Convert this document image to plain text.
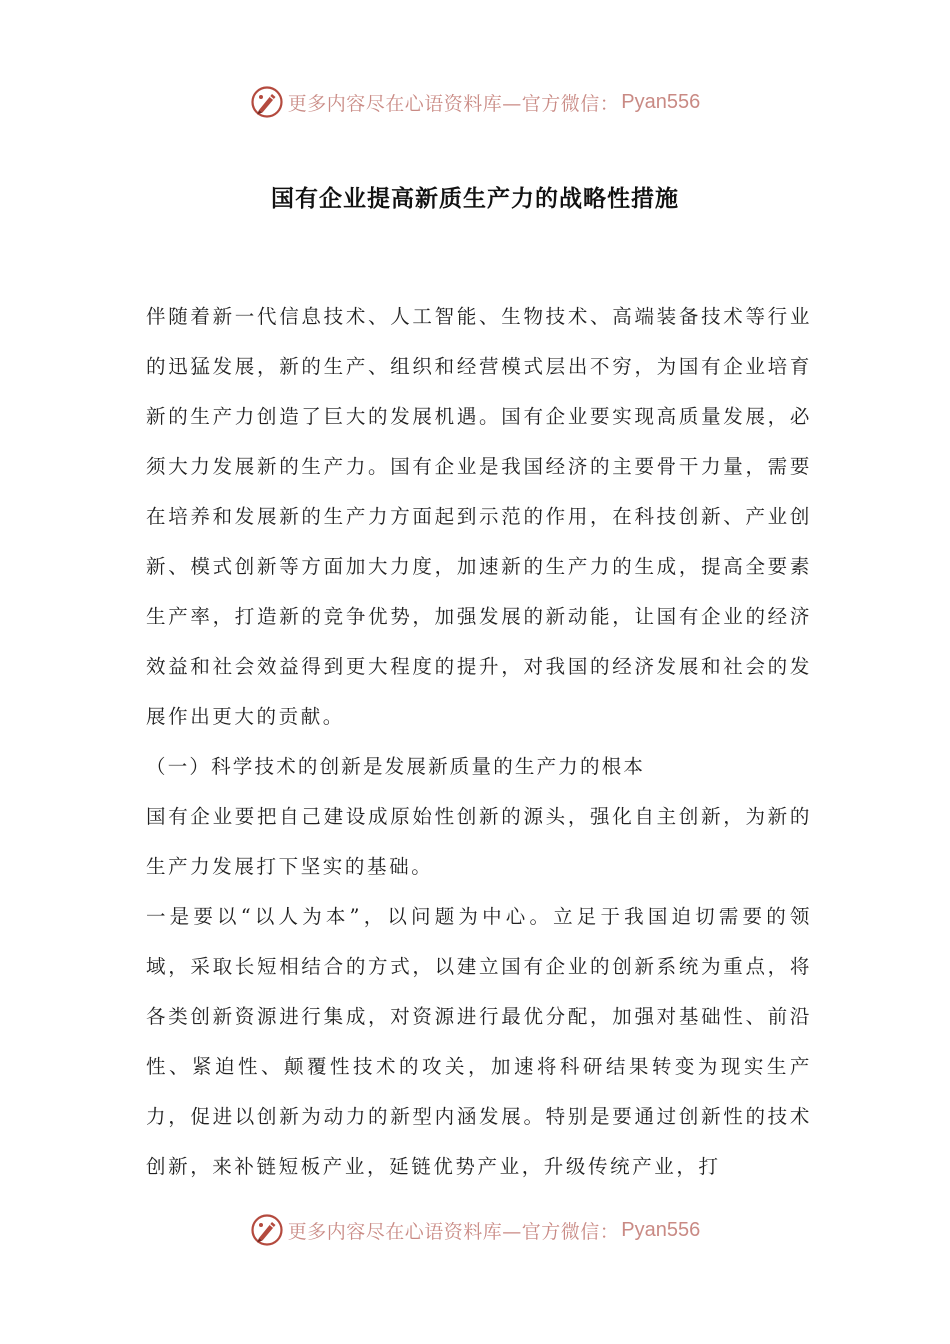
更多内容尽在心语资料库—官方微信： Pyan556
国有企业提高新质生产力的战略性措施

伴随着新一代信息技术、人工智能、生物技术、高端装备技术等行业的迅猛发展，新的生产、组织和经营模式层出不穷，为国有企业培育新的生产力创造了巨大的发展机遇。国有企业要实现高质量发展，必须大力发展新的生产力。国有企业是我国经济的主要骨干力量，需要在培养和发展新的生产力方面起到示范的作用，在科技创新、产业创新、模式创新等方面加大力度，加速新的生产力的生成，提高全要素生产率，打造新的竞争优势，加强发展的新动能，让国有企业的经济效益和社会效益得到更大程度的提升，对我国的经济发展和社会的发展作出更大的贡献。

（一）科学技术的创新是发展新质量的生产力的根本

国有企业要把自己建设成原始性创新的源头，强化自主创新，为新的生产力发展打下坚实的基础。

一是要以“以人为本”，以问题为中心。立足于我国迫切需要的领域，采取长短相结合的方式，以建立国有企业的创新系统为重点，将各类创新资源进行集成，对资源进行最优分配，加强对基础性、前沿性、紧迫性、颠覆性技术的攻关，加速将科研结果转变为现实生产力，促进以创新为动力的新型内涵发展。特别是要通过创新性的技术创新，来补链短板产业，延链优势产业，升级传统产业，打

更多内容尽在心语资料库—官方微信： Pyan556
